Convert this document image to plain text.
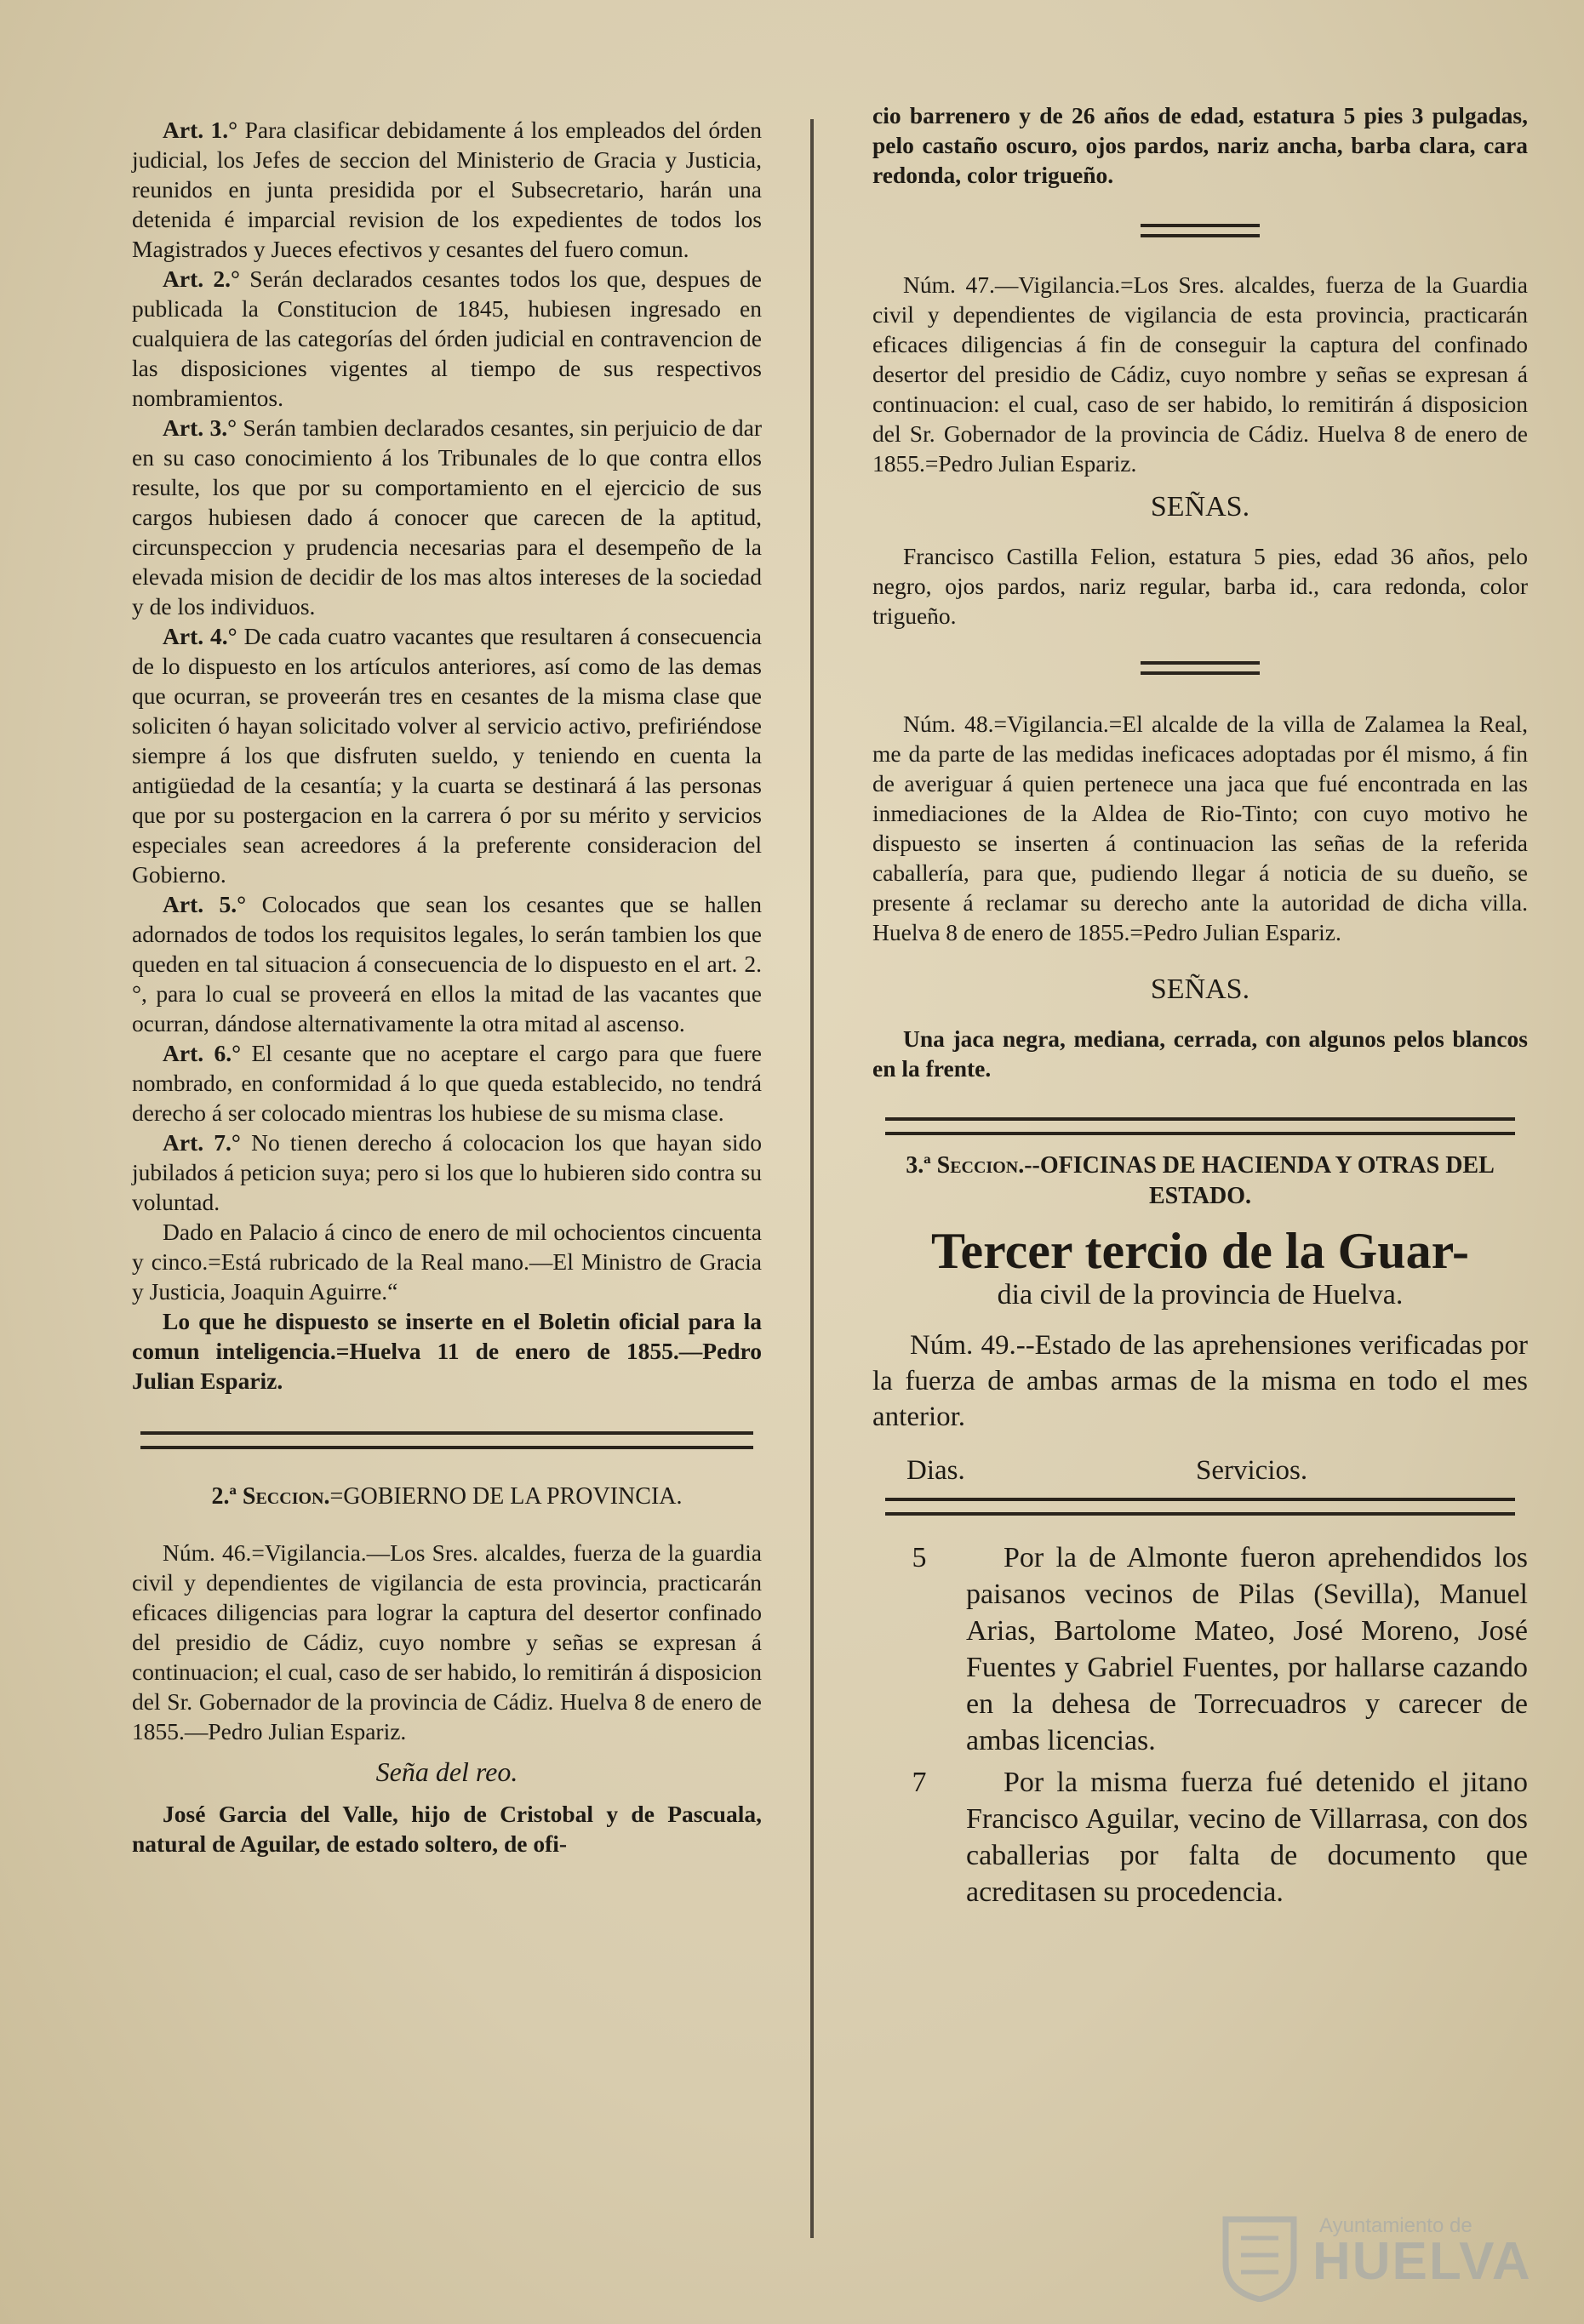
Art. 1.° Para clasificar debidamente á los empleados del órden judicial, los Jefes de seccion del Ministerio de Gracia y Justicia, reunidos en junta presidida por el Subsecretario, harán una detenida é imparcial revision de los expedientes de todos los Magistrados y Jueces efectivos y cesantes del fuero comun.

Art. 2.° Serán declarados cesantes todos los que, despues de publicada la Constitucion de 1845, hubiesen ingresado en cualquiera de las categorías del órden judicial en contravencion de las disposiciones vigentes al tiempo de sus respectivos nombramientos.

Art. 3.° Serán tambien declarados cesantes, sin perjuicio de dar en su caso conocimiento á los Tribunales de lo que contra ellos resulte, los que por su comportamiento en el ejercicio de sus cargos hubiesen dado á conocer que carecen de la aptitud, circunspeccion y prudencia necesarias para el desempeño de la elevada mision de decidir de los mas altos intereses de la sociedad y de los individuos.

Art. 4.° De cada cuatro vacantes que resultaren á consecuencia de lo dispuesto en los artículos anteriores, así como de las demas que ocurran, se proveerán tres en cesantes de la misma clase que soliciten ó hayan solicitado volver al servicio activo, prefiriéndose siempre á los que disfruten sueldo, y teniendo en cuenta la antigüedad de la cesantía; y la cuarta se destinará á las personas que por su postergacion en la carrera ó por su mérito y servicios especiales sean acreedores á la preferente consideracion del Gobierno.

Art. 5.° Colocados que sean los cesantes que se hallen adornados de todos los requisitos legales, lo serán tambien los que queden en tal situacion á consecuencia de lo dispuesto en el art. 2.°, para lo cual se proveerá en ellos la mitad de las vacantes que ocurran, dándose alternativamente la otra mitad al ascenso.

Art. 6.° El cesante que no aceptare el cargo para que fuere nombrado, en conformidad á lo que queda establecido, no tendrá derecho á ser colocado mientras los hubiese de su misma clase.

Art. 7.° No tienen derecho á colocacion los que hayan sido jubilados á peticion suya; pero si los que lo hubieren sido contra su voluntad.

Dado en Palacio á cinco de enero de mil ochocientos cincuenta y cinco.=Está rubricado de la Real mano.—El Ministro de Gracia y Justicia, Joaquin Aguirre.“

Lo que he dispuesto se inserte en el Boletin oficial para la comun inteligencia.=Huelva 11 de enero de 1855.—Pedro Julian Espariz.

2.ª Seccion.=GOBIERNO DE LA PROVINCIA.

Núm. 46.=Vigilancia.—Los Sres. alcaldes, fuerza de la guardia civil y dependientes de vigilancia de esta provincia, practicarán eficaces diligencias para lograr la captura del desertor confinado del presidio de Cádiz, cuyo nombre y señas se expresan á continuacion; el cual, caso de ser habido, lo remitirán á disposicion del Sr. Gobernador de la provincia de Cádiz. Huelva 8 de enero de 1855.—Pedro Julian Espariz.

Seña del reo.

José Garcia del Valle, hijo de Cristobal y de Pascuala, natural de Aguilar, de estado soltero, de ofi-

cio barrenero y de 26 años de edad, estatura 5 pies 3 pulgadas, pelo castaño oscuro, ojos pardos, nariz ancha, barba clara, cara redonda, color trigueño.

Núm. 47.—Vigilancia.=Los Sres. alcaldes, fuerza de la Guardia civil y dependientes de vigilancia de esta provincia, practicarán eficaces diligencias á fin de conseguir la captura del confinado desertor del presidio de Cádiz, cuyo nombre y señas se expresan á continuacion: el cual, caso de ser habido, lo remitirán á disposicion del Sr. Gobernador de la provincia de Cádiz. Huelva 8 de enero de 1855.=Pedro Julian Espariz.

SEÑAS.

Francisco Castilla Felion, estatura 5 pies, edad 36 años, pelo negro, ojos pardos, nariz regular, barba id., cara redonda, color trigueño.

Núm. 48.=Vigilancia.=El alcalde de la villa de Zalamea la Real, me da parte de las medidas ineficaces adoptadas por él mismo, á fin de averiguar á quien pertenece una jaca que fué encontrada en las inmediaciones de la Aldea de Rio-Tinto; con cuyo motivo he dispuesto se inserten á continuacion las señas de la referida caballería, para que, pudiendo llegar á noticia de su dueño, se presente á reclamar su derecho ante la autoridad de dicha villa. Huelva 8 de enero de 1855.=Pedro Julian Espariz.

SEÑAS.

Una jaca negra, mediana, cerrada, con algunos pelos blancos en la frente.

3.ª Seccion.--OFICINAS DE HACIENDA Y OTRAS DEL ESTADO.

Tercer tercio de la Guar-

dia civil de la provincia de Huelva.

Núm. 49.--Estado de las aprehensiones verificadas por la fuerza de ambas armas de la misma en todo el mes anterior.

Dias.	Servicios.
5	Por la de Almonte fueron aprehendidos los paisanos vecinos de Pilas (Sevilla), Manuel Arias, Bartolome Mateo, José Moreno, José Fuentes y Gabriel Fuentes, por hallarse cazando en la dehesa de Torrecuadros y carecer de ambas licencias.
7	Por la misma fuerza fué detenido el jitano Francisco Aguilar, vecino de Villarrasa, con dos caballerias por falta de documento que acreditasen su procedencia.
Ayuntamiento de
HUELVA
